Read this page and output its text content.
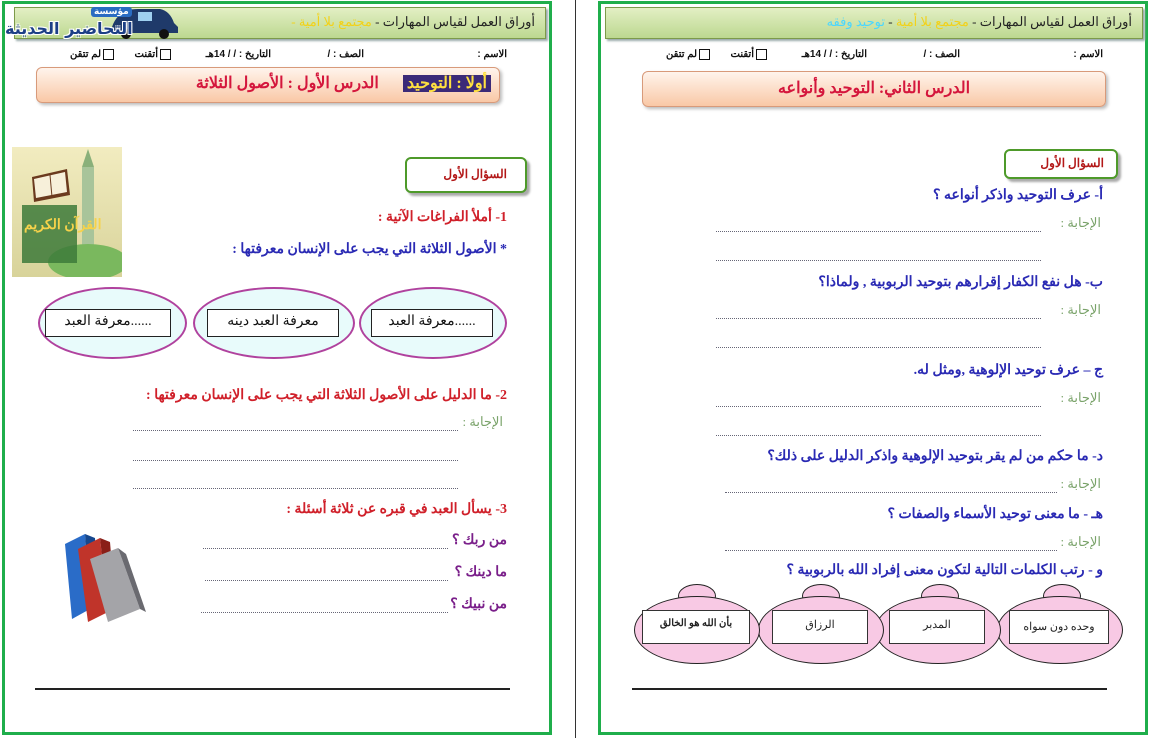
أوراق العمل لقياس المهارات - مجتمع بلا أمية -
مؤسسة
التحاضير الحديثة
الاسم :
الصف : /
التاريخ : / / 14هـ
أتقنت
لم تتقن
أولا : التوحيد الدرس الأول : الأصول الثلاثة
القرآن الكريم
السؤال الأول
1- أملأ الفراغات الآتية :
* الأصول الثلاثة التي يجب على الإنسان معرفتها :
معرفة العبد......
معرفة العبد دينه
معرفة العبد......
2- ما الدليل على الأصول الثلاثة التي يجب على الإنسان معرفتها :
الإجابة :
3- يسأل العبد في قبره عن ثلاثة أسئلة :
من ربك ؟
ما دينك ؟
من نبيك ؟
أوراق العمل لقياس المهارات - مجتمع بلا أمية - توحيد وفقه
الاسم :
الصف : /
التاريخ : / / 14هـ
أتقنت
لم تتقن
الدرس الثاني: التوحيد وأنواعه
السؤال الأول
أ- عرف التوحيد واذكر أنواعه ؟
الإجابة :
ب- هل نفع الكفار إقرارهم بتوحيد الربوبية , ولماذا؟
الإجابة :
ج – عرف توحيد الإلوهية ,ومثل له.
الإجابة :
د- ما حكم من لم يقر بتوحيد الإلوهية واذكر الدليل على ذلك؟
الإجابة :
هـ - ما معنى توحيد الأسماء والصفات ؟
الإجابة :
و - رتب الكلمات التالية لتكون معنى إفراد الله بالربوبية ؟
وحده دون سواه
المدبر
الرزاق
بأن الله هو الخالق
